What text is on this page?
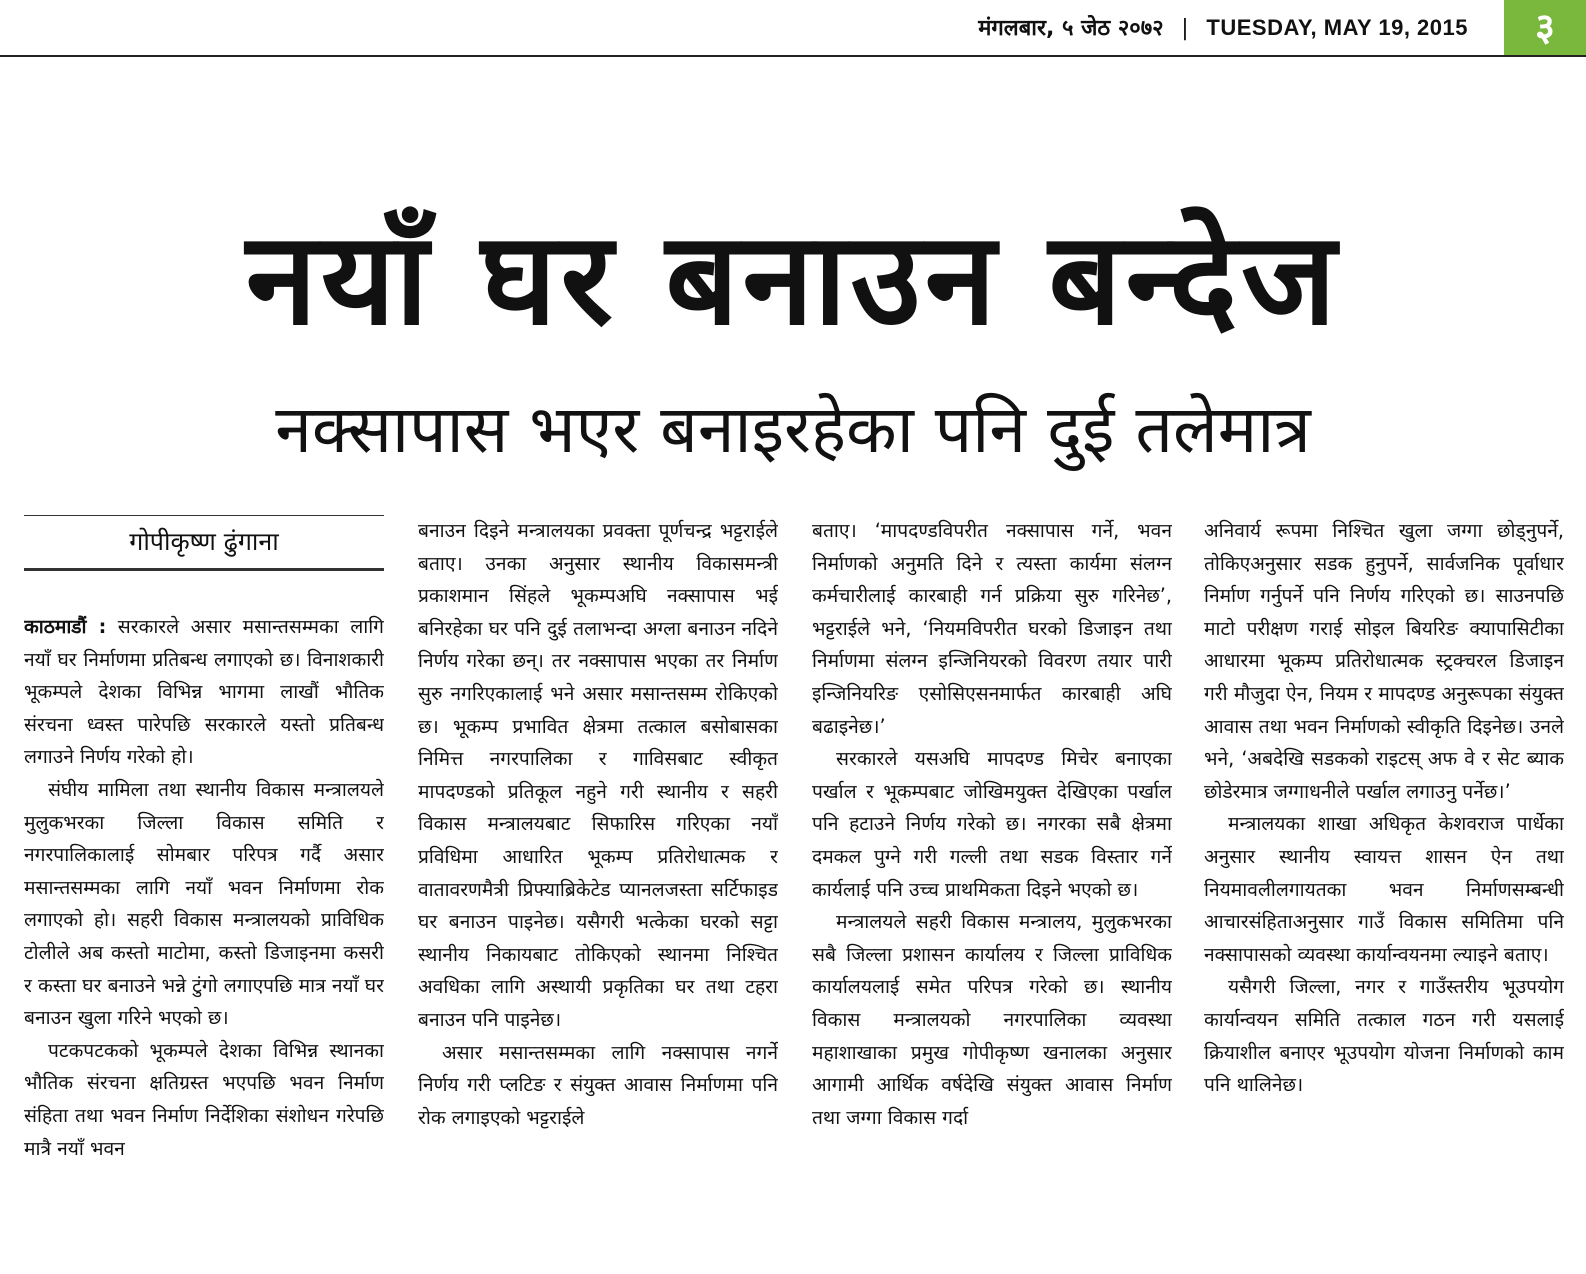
मंगलबार, ५ जेठ २०७२ | TUESDAY, MAY 19, 2015	३
नयाँ घर बनाउन बन्देज
नक्सापास भएर बनाइरहेका पनि दुई तलेमात्र
गोपीकृष्ण ढुंगाना

काठमाडौं : सरकारले असार मसान्तसम्मका लागि नयाँ घर निर्माणमा प्रतिबन्ध लगाएको छ। विनाशकारी भूकम्पले देशका विभिन्न भागमा लाखौं भौतिक संरचना ध्वस्त पारेपछि सरकारले यस्तो प्रतिबन्ध लगाउने निर्णय गरेको हो।

संघीय मामिला तथा स्थानीय विकास मन्त्रालयले मुलुकभरका जिल्ला विकास समिति र नगरपालिकालाई सोमबार परिपत्र गर्दै असार मसान्तसम्मका लागि नयाँ भवन निर्माणमा रोक लगाएको हो। सहरी विकास मन्त्रालयको प्राविधिक टोलीले अब कस्तो माटोमा, कस्तो डिजाइनमा कसरी र कस्ता घर बनाउने भन्ने टुंगो लगाएपछि मात्र नयाँ घर बनाउन खुला गरिने भएको छ।

पटकपटकको भूकम्पले देशका विभिन्न स्थानका भौतिक संरचना क्षतिग्रस्त भएपछि भवन निर्माण संहिता तथा भवन निर्माण निर्देशिका संशोधन गरेपछि मात्रै नयाँ भवन

बनाउन दिइने मन्त्रालयका प्रवक्ता पूर्णचन्द्र भट्टराईले बताए। उनका अनुसार स्थानीय विकासमन्त्री प्रकाशमान सिंहले भूकम्पअघि नक्सापास भई बनिरहेका घर पनि दुई तलाभन्दा अग्ला बनाउन नदिने निर्णय गरेका छन्। तर नक्सापास भएका तर निर्माण सुरु नगरिएकालाई भने असार मसान्तसम्म रोकिएको छ। भूकम्प प्रभावित क्षेत्रमा तत्काल बसोबासका निमित्त नगरपालिका र गाविसबाट स्वीकृत मापदण्डको प्रतिकूल नहुने गरी स्थानीय र सहरी विकास मन्त्रालयबाट सिफारिस गरिएका नयाँ प्रविधिमा आधारित भूकम्प प्रतिरोधात्मक र वातावरणमैत्री प्रिफ्याब्रिकेटेड प्यानलजस्ता सर्टिफाइड घर बनाउन पाइनेछ। यसैगरी भत्केका घरको सट्टा स्थानीय निकायबाट तोकिएको स्थानमा निश्चित अवधिका लागि अस्थायी प्रकृतिका घर तथा टहरा बनाउन पनि पाइनेछ।

असार मसान्तसम्मका लागि नक्सापास नगर्ने निर्णय गरी प्लटिङ र संयुक्त आवास निर्माणमा पनि रोक लगाइएको भट्टराईले

बताए। ‘मापदण्डविपरीत नक्सापास गर्ने, भवन निर्माणको अनुमति दिने र त्यस्ता कार्यमा संलग्न कर्मचारीलाई कारबाही गर्न प्रक्रिया सुरु गरिनेछ’, भट्टराईले भने, ‘नियमविपरीत घरको डिजाइन तथा निर्माणमा संलग्न इन्जिनियरको विवरण तयार पारी इन्जिनियरिङ एसोसिएसनमार्फत कारबाही अघि बढाइनेछ।’

सरकारले यसअघि मापदण्ड मिचेर बनाएका पर्खाल र भूकम्पबाट जोखिमयुक्त देखिएका पर्खाल पनि हटाउने निर्णय गरेको छ। नगरका सबै क्षेत्रमा दमकल पुग्ने गरी गल्ली तथा सडक विस्तार गर्ने कार्यलाई पनि उच्च प्राथमिकता दिइने भएको छ।

मन्त्रालयले सहरी विकास मन्त्रालय, मुलुकभरका सबै जिल्ला प्रशासन कार्यालय र जिल्ला प्राविधिक कार्यालयलाई समेत परिपत्र गरेको छ। स्थानीय विकास मन्त्रालयको नगरपालिका व्यवस्था महाशाखाका प्रमुख गोपीकृष्ण खनालका अनुसार आगामी आर्थिक वर्षदेखि संयुक्त आवास निर्माण तथा जग्गा विकास गर्दा

अनिवार्य रूपमा निश्चित खुला जग्गा छोड्नुपर्ने, तोकिएअनुसार सडक हुनुपर्ने, सार्वजनिक पूर्वाधार निर्माण गर्नुपर्ने पनि निर्णय गरिएको छ। साउनपछि माटो परीक्षण गराई सोइल बियरिङ क्यापासिटीका आधारमा भूकम्प प्रतिरोधात्मक स्ट्रक्चरल डिजाइन गरी मौजुदा ऐन, नियम र मापदण्ड अनुरूपका संयुक्त आवास तथा भवन निर्माणको स्वीकृति दिइनेछ। उनले भने, ‘अबदेखि सडकको राइटस् अफ वे र सेट ब्याक छोडेरमात्र जग्गाधनीले पर्खाल लगाउनु पर्नेछ।’

मन्त्रालयका शाखा अधिकृत केशवराज पार्धेका अनुसार स्थानीय स्वायत्त शासन ऐन तथा नियमावलीलगायतका भवन निर्माणसम्बन्धी आचारसंहिताअनुसार गाउँ विकास समितिमा पनि नक्सापासको व्यवस्था कार्यान्वयनमा ल्याइने बताए।

यसैगरी जिल्ला, नगर र गाउँस्तरीय भूउपयोग कार्यान्वयन समिति तत्काल गठन गरी यसलाई क्रियाशील बनाएर भूउपयोग योजना निर्माणको काम पनि थालिनेछ।
